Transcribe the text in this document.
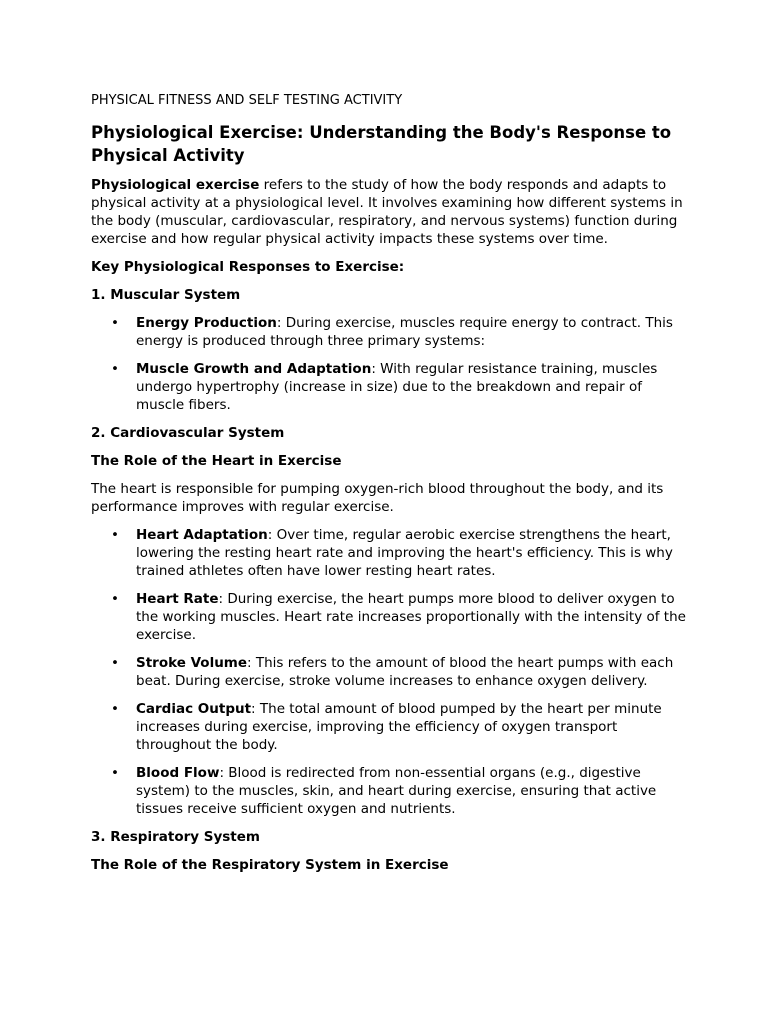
PHYSICAL FITNESS AND SELF TESTING ACTIVITY
Physiological Exercise: Understanding the Body's Response to Physical Activity

Physiological exercise refers to the study of how the body responds and adapts to physical activity at a physiological level. It involves examining how different systems in the body (muscular, cardiovascular, respiratory, and nervous systems) function during exercise and how regular physical activity impacts these systems over time.

Key Physiological Responses to Exercise:
1. Muscular System
• Energy Production: During exercise, muscles require energy to contract. This energy is produced through three primary systems:
• Muscle Growth and Adaptation: With regular resistance training, muscles undergo hypertrophy (increase in size) due to the breakdown and repair of muscle fibers.
2. Cardiovascular System
The Role of the Heart in Exercise

The heart is responsible for pumping oxygen-rich blood throughout the body, and its performance improves with regular exercise.

• Heart Adaptation: Over time, regular aerobic exercise strengthens the heart, lowering the resting heart rate and improving the heart's efficiency. This is why trained athletes often have lower resting heart rates.
• Heart Rate: During exercise, the heart pumps more blood to deliver oxygen to the working muscles. Heart rate increases proportionally with the intensity of the exercise.
• Stroke Volume: This refers to the amount of blood the heart pumps with each beat. During exercise, stroke volume increases to enhance oxygen delivery.
• Cardiac Output: The total amount of blood pumped by the heart per minute increases during exercise, improving the efficiency of oxygen transport throughout the body.
• Blood Flow: Blood is redirected from non-essential organs (e.g., digestive system) to the muscles, skin, and heart during exercise, ensuring that active tissues receive sufficient oxygen and nutrients.
3. Respiratory System
The Role of the Respiratory System in Exercise
